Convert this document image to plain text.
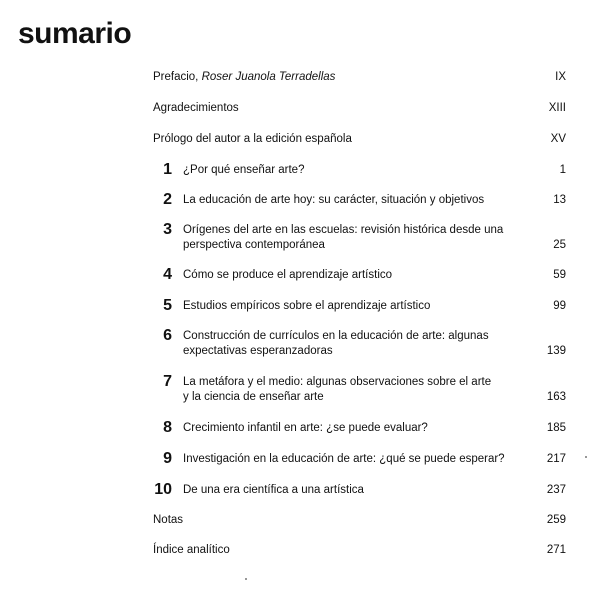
sumario
Prefacio, Roser Juanola Terradellas	IX
Agradecimientos	XIII
Prólogo del autor a la edición española	XV
1 ¿Por qué enseñar arte?	1
2 La educación de arte hoy: su carácter, situación y objetivos	13
3 Orígenes del arte en las escuelas: revisión histórica desde una
perspectiva contemporánea	25
4 Cómo se produce el aprendizaje artístico	59
5 Estudios empíricos sobre el aprendizaje artístico	99
6 Construcción de currículos en la educación de arte: algunas
expectativas esperanzadoras	139
7 La metáfora y el medio: algunas observaciones sobre el arte
y la ciencia de enseñar arte	163
8 Crecimiento infantil en arte: ¿se puede evaluar?	185
9 Investigación en la educación de arte: ¿qué se puede esperar?	217
10 De una era científica a una artística	237
Notas	259
Índice analítico	271
